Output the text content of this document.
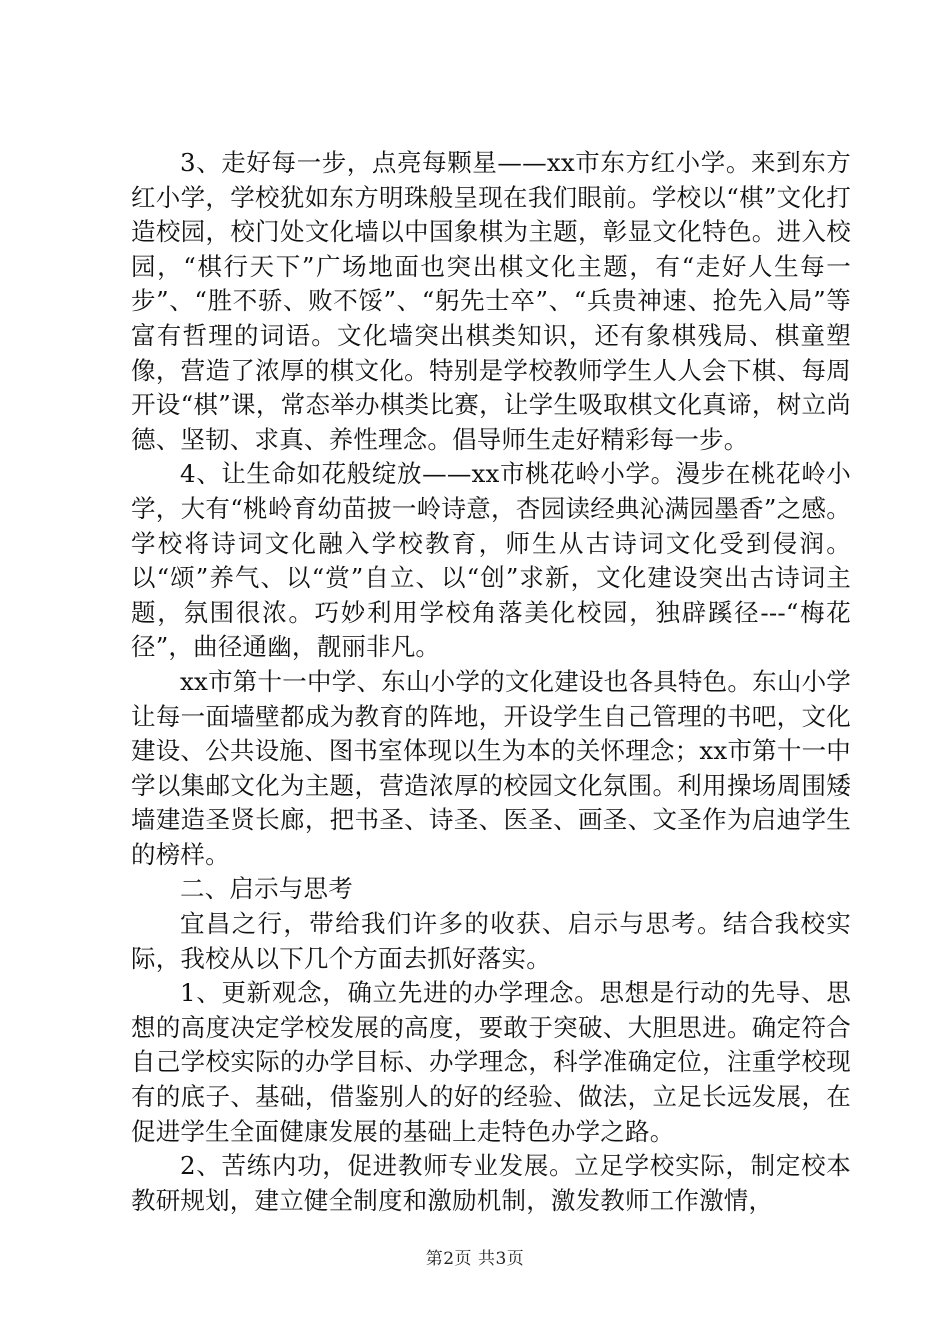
3、走好每一步，点亮每颗星——xx市东方红小学。来到东方红小学，学校犹如东方明珠般呈现在我们眼前。学校以“棋”文化打造校园，校门处文化墙以中国象棋为主题，彰显文化特色。进入校园，“棋行天下”广场地面也突出棋文化主题，有“走好人生每一步”、“胜不骄、败不馁”、“躬先士卒”、“兵贵神速、抢先入局”等富有哲理的词语。文化墙突出棋类知识，还有象棋残局、棋童塑像，营造了浓厚的棋文化。特别是学校教师学生人人会下棋、每周开设“棋”课，常态举办棋类比赛，让学生吸取棋文化真谛，树立尚德、坚韧、求真、养性理念。倡导师生走好精彩每一步。

4、让生命如花般绽放——xx市桃花岭小学。漫步在桃花岭小学，大有“桃岭育幼苗披一岭诗意，杏园读经典沁满园墨香”之感。学校将诗词文化融入学校教育，师生从古诗词文化受到侵润。以“颂”养气、以“赏”自立、以“创”求新，文化建设突出古诗词主题，氛围很浓。巧妙利用学校角落美化校园，独辟蹊径---“梅花径”，曲径通幽，靓丽非凡。

xx市第十一中学、东山小学的文化建设也各具特色。东山小学让每一面墙壁都成为教育的阵地，开设学生自己管理的书吧，文化建设、公共设施、图书室体现以生为本的关怀理念；xx市第十一中学以集邮文化为主题，营造浓厚的校园文化氛围。利用操场周围矮墙建造圣贤长廊，把书圣、诗圣、医圣、画圣、文圣作为启迪学生的榜样。

二、启示与思考

宜昌之行，带给我们许多的收获、启示与思考。结合我校实际，我校从以下几个方面去抓好落实。

1、更新观念，确立先进的办学理念。思想是行动的先导、思想的高度决定学校发展的高度，要敢于突破、大胆思进。确定符合自己学校实际的办学目标、办学理念，科学准确定位，注重学校现有的底子、基础，借鉴别人的好的经验、做法，立足长远发展，在促进学生全面健康发展的基础上走特色办学之路。

2、苦练内功，促进教师专业发展。立足学校实际，制定校本教研规划，建立健全制度和激励机制，激发教师工作激情，

第2页 共3页
